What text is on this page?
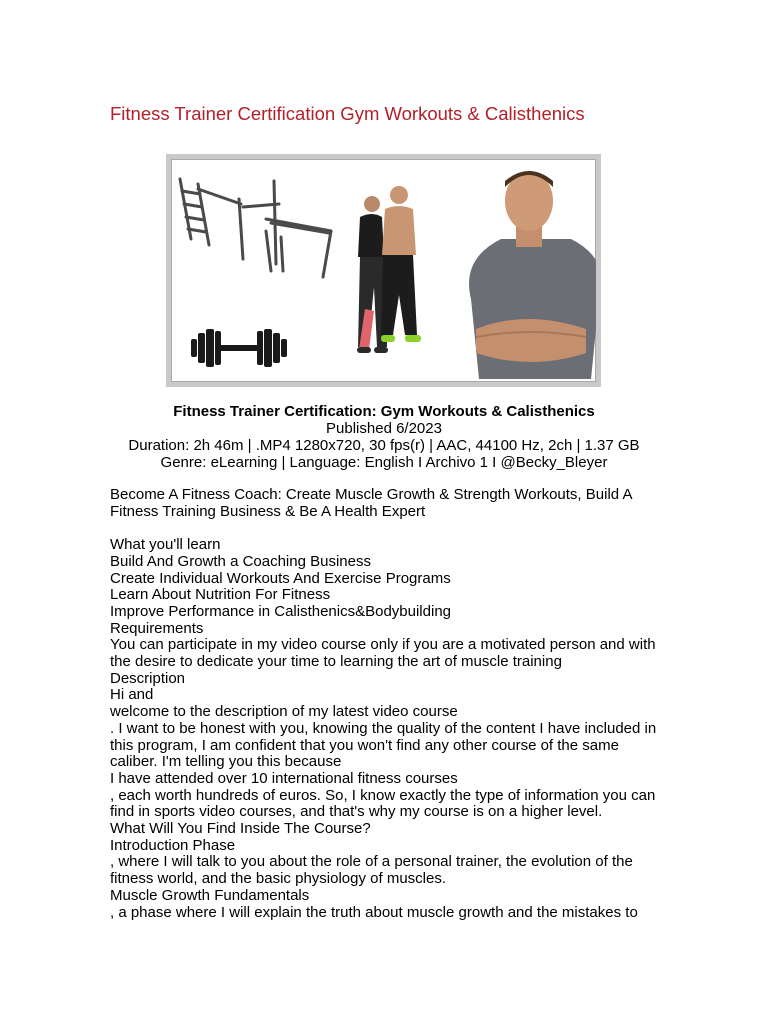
Fitness Trainer Certification Gym Workouts & Calisthenics
Fitness Trainer Certification: Gym Workouts & Calisthenics
Published 6/2023
Duration: 2h 46m | .MP4 1280x720, 30 fps(r) | AAC, 44100 Hz, 2ch | 1.37 GB
Genre: eLearning | Language: English I Archivo 1 I @Becky_Bleyer
Become A Fitness Coach: Create Muscle Growth & Strength Workouts, Build A Fitness Training Business & Be A Health Expert
What you'll learn
Build And Growth a Coaching Business
Create Individual Workouts And Exercise Programs
Learn About Nutrition For Fitness
Improve Performance in Calisthenics&Bodybuilding
Requirements
You can participate in my video course only if you are a motivated person and with the desire to dedicate your time to learning the art of muscle training
Description
Hi and
welcome to the description of my latest video course
. I want to be honest with you, knowing the quality of the content I have included in this program, I am confident that you won't find any other course of the same caliber. I'm telling you this because
I have attended over 10 international fitness courses
, each worth hundreds of euros. So, I know exactly the type of information you can find in sports video courses, and that's why my course is on a higher level.
What Will You Find Inside The Course?
Introduction Phase
, where I will talk to you about the role of a personal trainer, the evolution of the fitness world, and the basic physiology of muscles.
Muscle Growth Fundamentals
, a phase where I will explain the truth about muscle growth and the mistakes to
